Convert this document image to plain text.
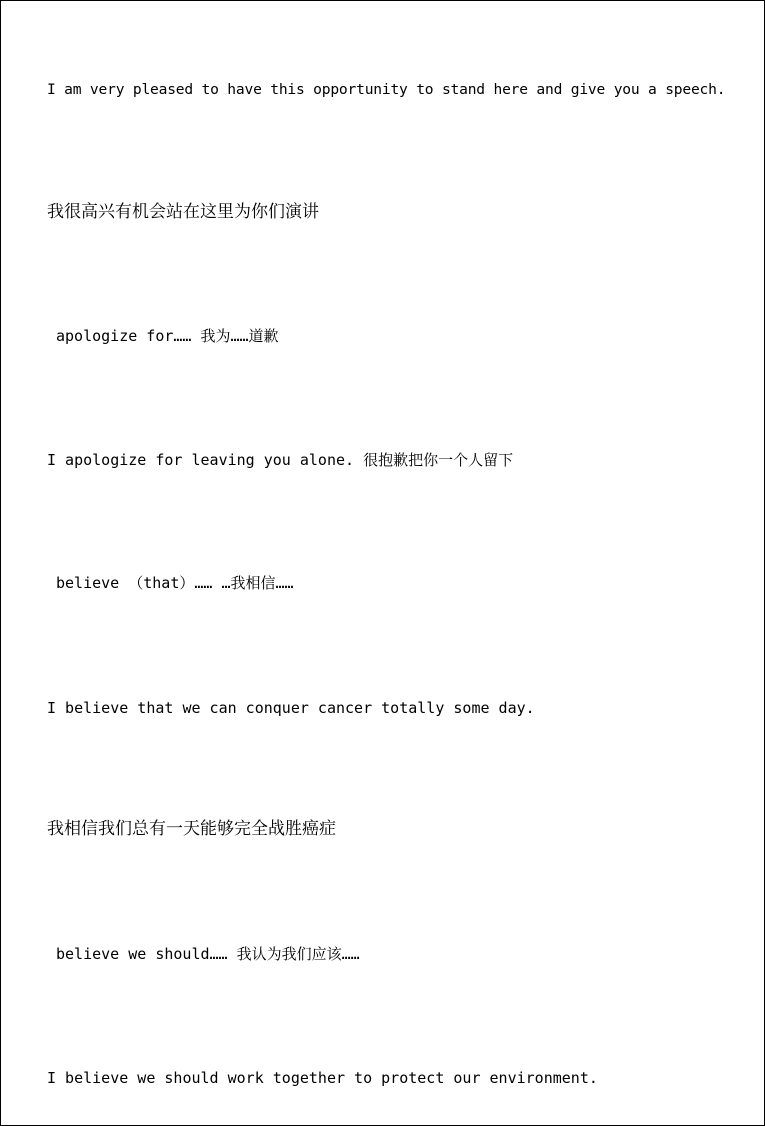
I am very pleased to have this opportunity to stand here and give you a speech.

我很高兴有机会站在这里为你们演讲

apologize for…… 我为……道歉

I apologize for leaving you alone. 很抱歉把你一个人留下

believe （that）…… …我相信……

I believe that we can conquer cancer totally some day.

我相信我们总有一天能够完全战胜癌症

believe we should…… 我认为我们应该……

I believe we should work together to protect our environment.
